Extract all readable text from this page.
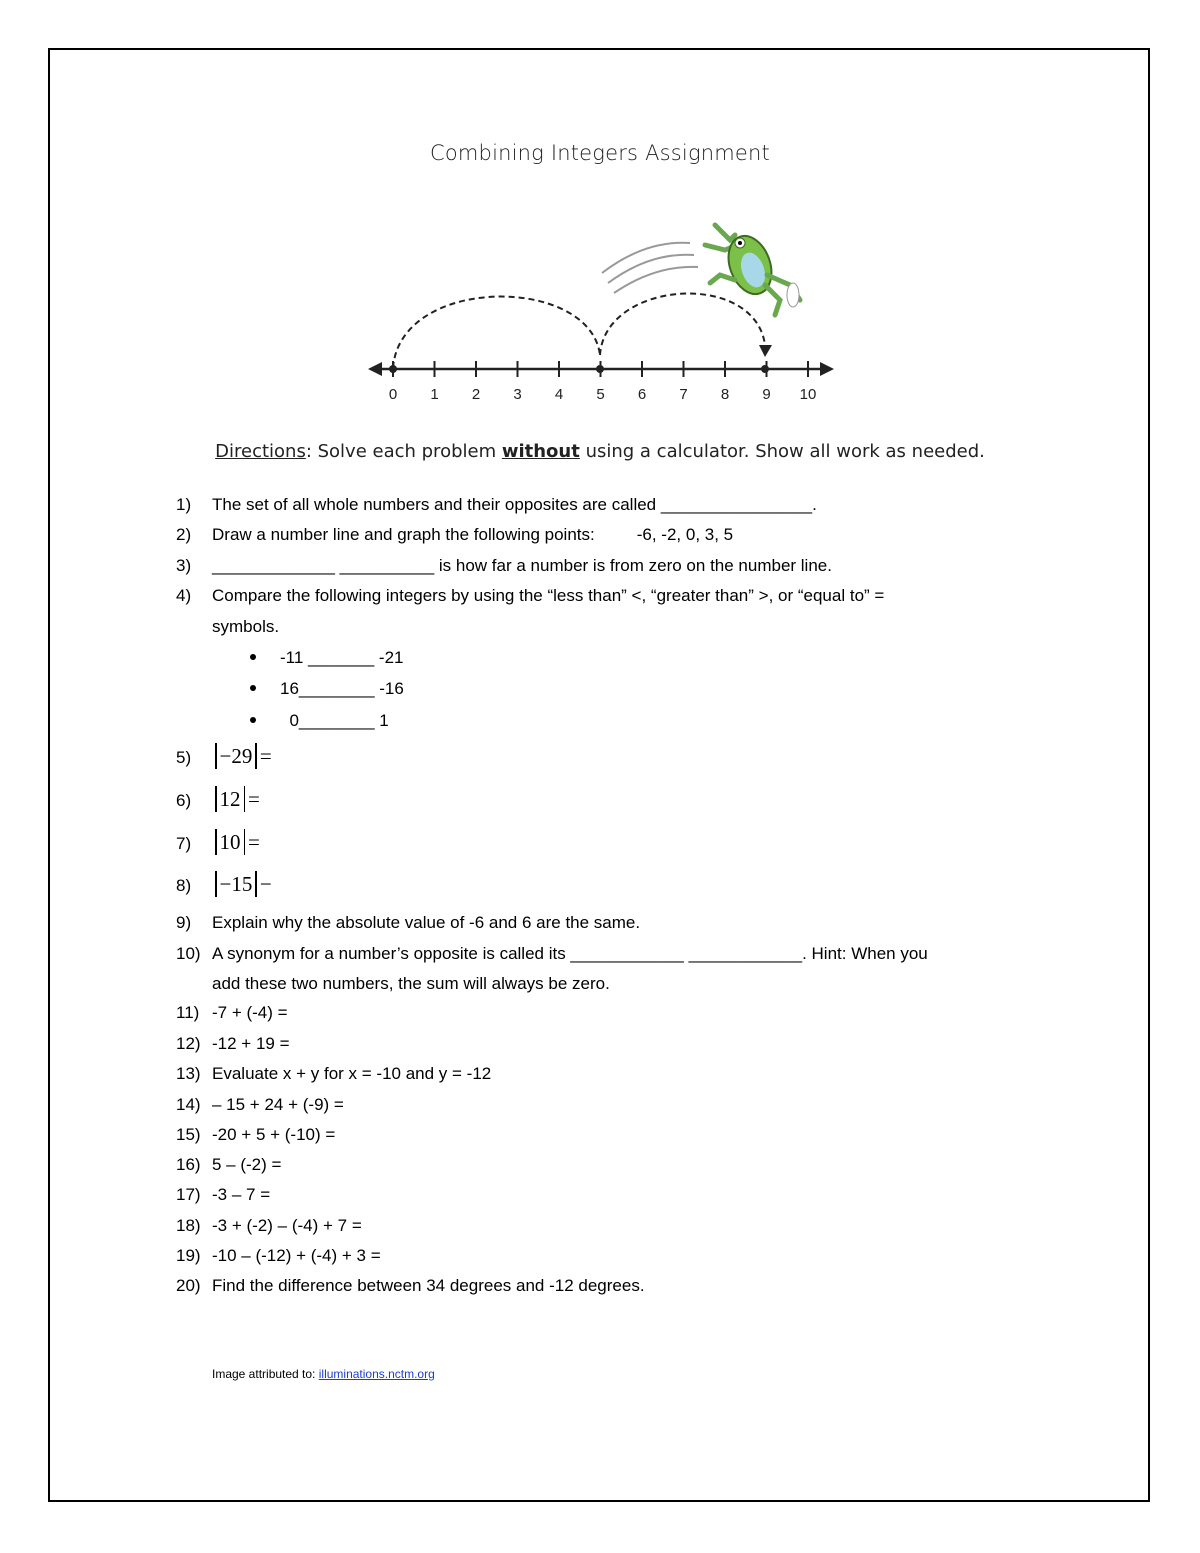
Combining Integers Assignment
0 1 2 3 4 5 6 7 8 9 10
Directions: Solve each problem without using a calculator. Show all work as needed.
1) The set of all whole numbers and their opposites are called ________________.
2) Draw a number line and graph the following points: -6, -2, 0, 3, 5
3) _____________ __________ is how far a number is from zero on the number line.
4) Compare the following integers by using the “less than” <, “greater than” >, or “equal to” =
symbols.
-11 _______ -21
16________ -16
0________ 1
5) −29 =
6) 12 =
7) 10 =
8) −15 −
9) Explain why the absolute value of -6 and 6 are the same.
10) A synonym for a number’s opposite is called its ____________ ____________. Hint: When you
add these two numbers, the sum will always be zero.
11) -7 + (-4) =
12) -12 + 19 =
13) Evaluate x + y for x = -10 and y = -12
14) – 15 + 24 + (-9) =
15) -20 + 5 + (-10) =
16) 5 – (-2) =
17) -3 – 7 =
18) -3 + (-2) – (-4) + 7 =
19) -10 – (-12) + (-4) + 3 =
20) Find the difference between 34 degrees and -12 degrees.
Image attributed to: illuminations.nctm.org
